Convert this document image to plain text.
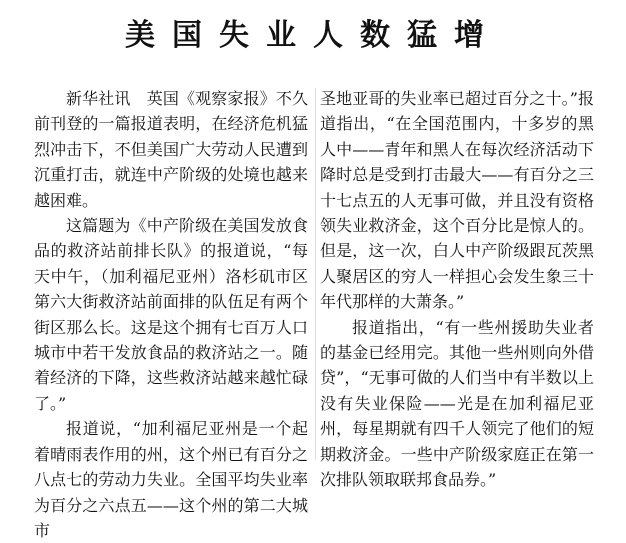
美国失业人数猛增

新华社讯　英国《观察家报》不久前刊登的一篇报道表明，在经济危机猛烈冲击下，不但美国广大劳动人民遭到沉重打击，就连中产阶级的处境也越来越困难。

这篇题为《中产阶级在美国发放食品的救济站前排长队》的报道说，“每天中午，（加利福尼亚州）洛杉矶市区第六大街救济站前面排的队伍足有两个街区那么长。这是这个拥有七百万人口城市中若干发放食品的救济站之一。随着经济的下降，这些救济站越来越忙碌了。”

报道说，“加利福尼亚州是一个起着晴雨表作用的州，这个州已有百分之八点七的劳动力失业。全国平均失业率为百分之六点五——这个州的第二大城市

圣地亚哥的失业率已超过百分之十。”报道指出，“在全国范围内，十多岁的黑人中——青年和黑人在每次经济活动下降时总是受到打击最大——有百分之三十七点五的人无事可做，并且没有资格领失业救济金，这个百分比是惊人的。但是，这一次，白人中产阶级跟瓦茨黑人聚居区的穷人一样担心会发生象三十年代那样的大萧条。”

报道指出，“有一些州援助失业者的基金已经用完。其他一些州则向外借贷”，“无事可做的人们当中有半数以上没有失业保险——光是在加利福尼亚州，每星期就有四千人领完了他们的短期救济金。一些中产阶级家庭正在第一次排队领取联邦食品券。”
